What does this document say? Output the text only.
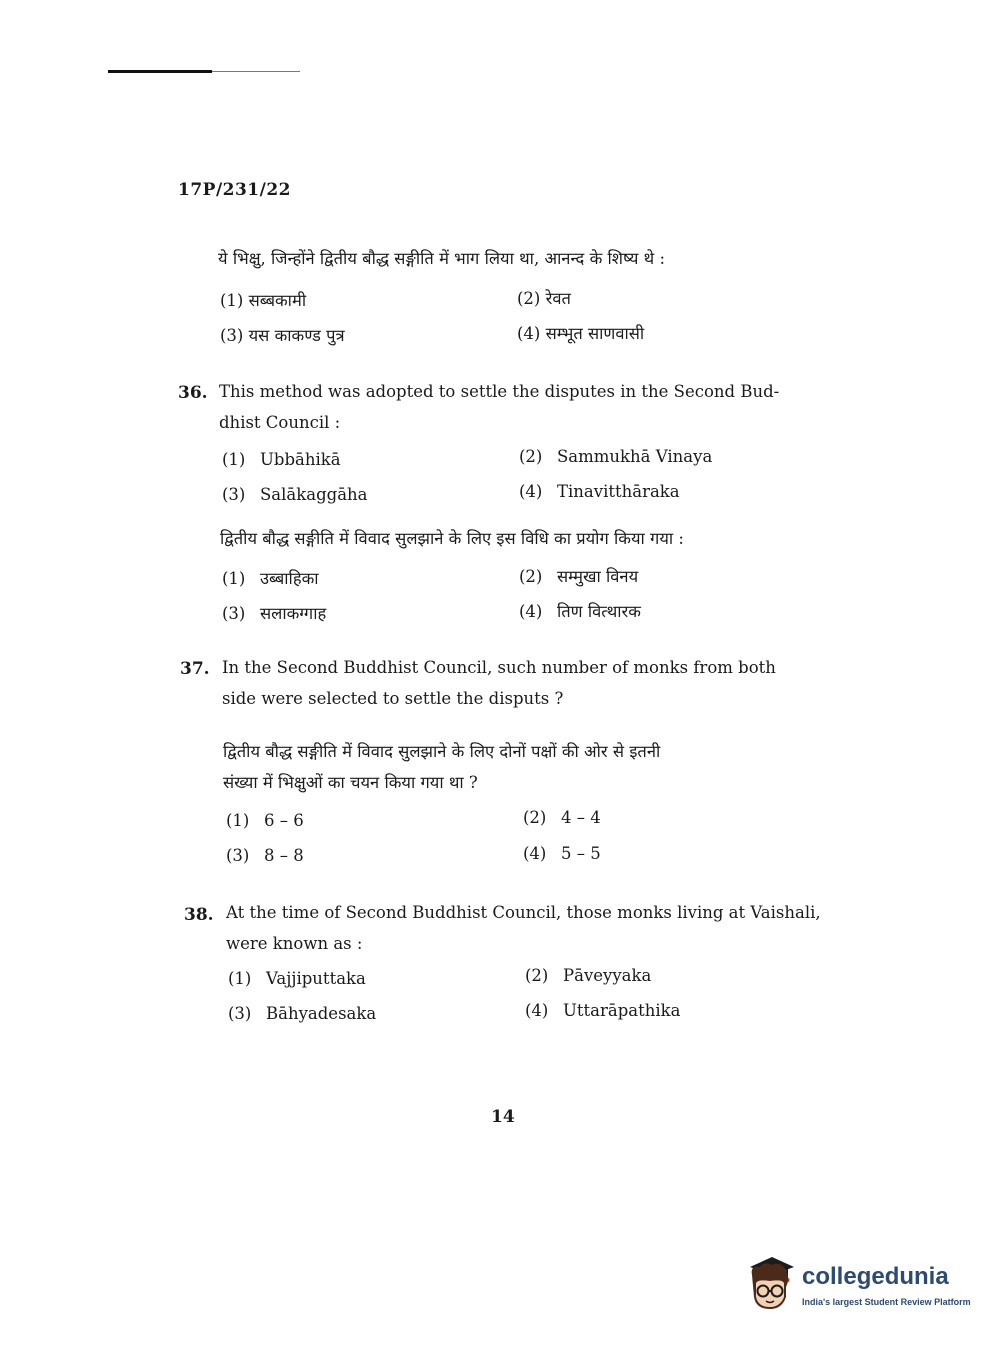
17P/231/22
ये भिक्षु, जिन्होंने द्वितीय बौद्ध सङ्गीति में भाग लिया था, आनन्द के शिष्य थे :
(1) सब्बकामी	(2) रेवत
(3) यस काकण्ड पुत्र	(4) सम्भूत साणवासी
36. This method was adopted to settle the disputes in the Second Bud-
dhist Council :
(1) Ubbāhikā	(2) Sammukhā Vinaya
(3) Salākaggāha	(4) Tinavitthāraka
द्वितीय बौद्ध सङ्गीति में विवाद सुलझाने के लिए इस विधि का प्रयोग किया गया :
(1) उब्बाहिका	(2) सम्मुखा विनय
(3) सलाकग्गाह	(4) तिण वित्थारक
37. In the Second Buddhist Council, such number of monks from both
side were selected to settle the disputs ?
द्वितीय बौद्ध सङ्गीति में विवाद सुलझाने के लिए दोनों पक्षों की ओर से इतनी
संख्या में भिक्षुओं का चयन किया गया था ?
(1) 6 – 6	(2) 4 – 4
(3) 8 – 8	(4) 5 – 5
38. At the time of Second Buddhist Council, those monks living at Vaishali,
were known as :
(1) Vajjiputtaka	(2) Pāveyyaka
(3) Bāhyadesaka	(4) Uttarāpathika
14
collegedunia
India's largest Student Review Platform
